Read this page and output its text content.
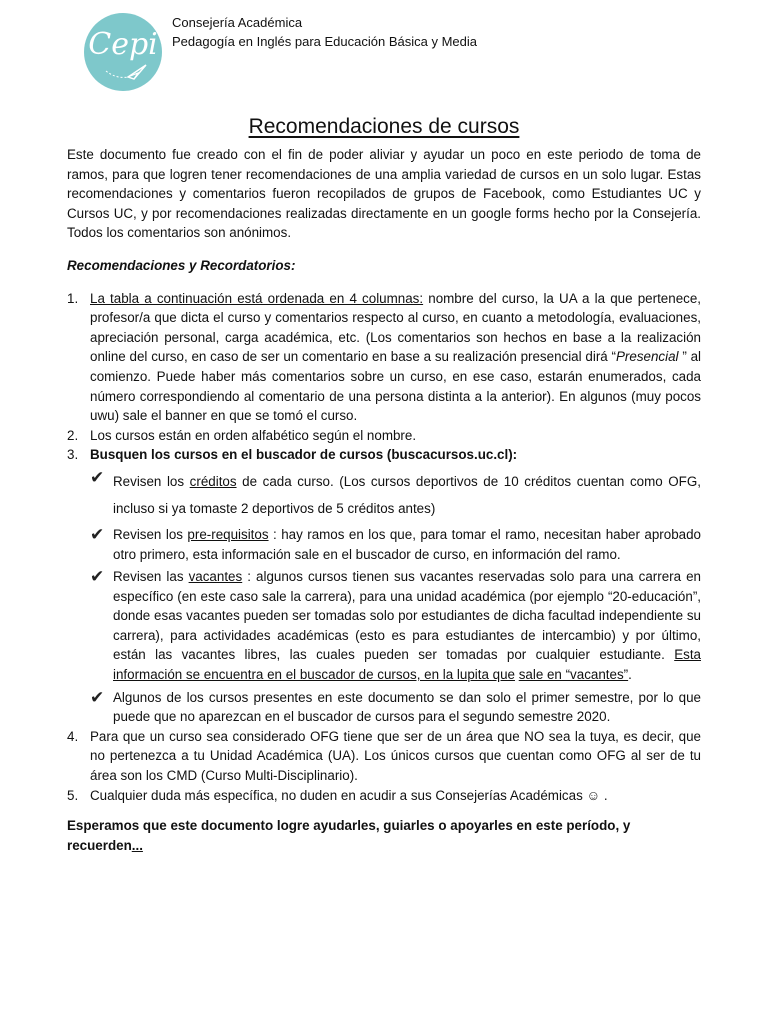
Cepi
Consejería Académica
Pedagogía en Inglés para Educación Básica y Media
Recomendaciones de cursos

Este documento fue creado con el fin de poder aliviar y ayudar un poco en este periodo de toma de ramos, para que logren tener recomendaciones de una amplia variedad de cursos en un solo lugar. Estas recomendaciones y comentarios fueron recopilados de grupos de Facebook, como Estudiantes UC y Cursos UC, y por recomendaciones realizadas directamente en un google forms hecho por la Consejería. Todos los comentarios son anónimos.

Recomendaciones y Recordatorios:

1. La tabla a continuación está ordenada en 4 columnas: nombre del curso, la UA a la que pertenece, profesor/a que dicta el curso y comentarios respecto al curso, en cuanto a metodología, evaluaciones, apreciación personal, carga académica, etc. (Los comentarios son hechos en base a la realización online del curso, en caso de ser un comentario en base a su realización presencial dirá “Presencial ” al comienzo. Puede haber más comentarios sobre un curso, en ese caso, estarán enumerados, cada número correspondiendo al comentario de una persona distinta a la anterior). En algunos (muy pocos uwu) sale el banner en que se tomó el curso.
2. Los cursos están en orden alfabético según el nombre.
3. Busquen los cursos en el buscador de cursos (buscacursos.uc.cl):
✔ Revisen los créditos de cada curso. (Los cursos deportivos de 10 créditos cuentan como OFG, incluso si ya tomaste 2 deportivos de 5 créditos antes)
✔ Revisen los pre-requisitos : hay ramos en los que, para tomar el ramo, necesitan haber aprobado otro primero, esta información sale en el buscador de curso, en información del ramo.
✔ Revisen las vacantes : algunos cursos tienen sus vacantes reservadas solo para una carrera en específico (en este caso sale la carrera), para una unidad académica (por ejemplo “20-educación”, donde esas vacantes pueden ser tomadas solo por estudiantes de dicha facultad independiente su carrera), para actividades académicas (esto es para estudiantes de intercambio) y por último, están las vacantes libres, las cuales pueden ser tomadas por cualquier estudiante. Esta información se encuentra en el buscador de cursos, en la lupita que sale en “vacantes”.
✔ Algunos de los cursos presentes en este documento se dan solo el primer semestre, por lo que puede que no aparezcan en el buscador de cursos para el segundo semestre 2020.
4. Para que un curso sea considerado OFG tiene que ser de un área que NO sea la tuya, es decir, que no pertenezca a tu Unidad Académica (UA). Los únicos cursos que cuentan como OFG al ser de tu área son los CMD (Curso Multi-Disciplinario).
5. Cualquier duda más específica, no duden en acudir a sus Consejerías Académicas ☺ .

Esperamos que este documento logre ayudarles, guiarles o apoyarles en este período, y recuerden...
